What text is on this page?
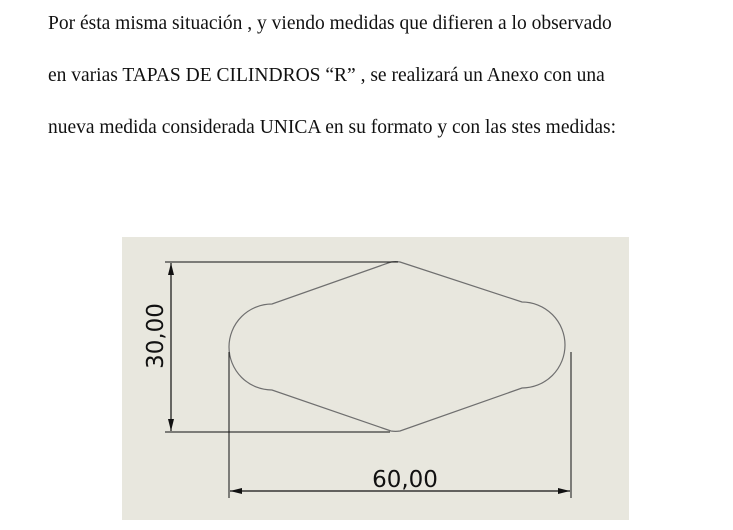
Por ésta misma situación , y viendo medidas que difieren a lo observado

en varias TAPAS DE CILINDROS “R” , se realizará un Anexo con una

nueva medida considerada UNICA en su formato y con las stes medidas:

30,00
60,00
